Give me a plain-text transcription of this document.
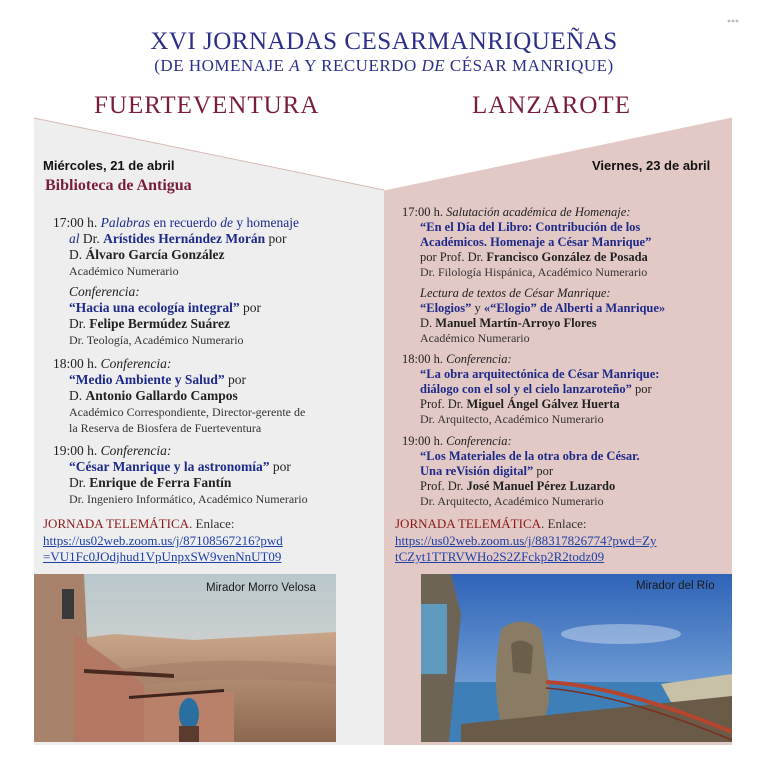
XVI JORNADAS CESARMANRIQUEÑAS
(DE HOMENAJE A Y RECUERDO DE CÉSAR MANRIQUE)
FUERTEVENTURA	LANZAROTE
Miércoles, 21 de abril
Biblioteca de Antigua
17:00 h. Palabras en recuerdo de y homenaje
al Dr. Arístides Hernández Morán por
D. Álvaro García González
Académico Numerario
Conferencia:
“Hacia una ecología integral” por
Dr. Felipe Bermúdez Suárez
Dr. Teología, Académico Numerario
18:00 h. Conferencia:
“Medio Ambiente y Salud” por
D. Antonio Gallardo Campos
Académico Correspondiente, Director-gerente de
la Reserva de Biosfera de Fuerteventura
19:00 h. Conferencia:
“César Manrique y la astronomía” por
Dr. Enrique de Ferra Fantín
Dr. Ingeniero Informático, Académico Numerario
JORNADA TELEMÁTICA. Enlace:
https://us02web.zoom.us/j/87108567216?pwd
=VU1Fc0JOdjhud1VpUnpxSW9venNnUT09
Mirador Morro Velosa
Viernes, 23 de abril
17:00 h. Salutación académica de Homenaje:
“En el Día del Libro: Contribución de los
Académicos. Homenaje a César Manrique”
por Prof. Dr. Francisco González de Posada
Dr. Filología Hispánica, Académico Numerario
Lectura de textos de César Manrique:
“Elogios” y «“Elogio” de Alberti a Manrique»
D. Manuel Martín-Arroyo Flores
Académico Numerario
18:00 h. Conferencia:
“La obra arquitectónica de César Manrique:
diálogo con el sol y el cielo lanzaroteño” por
Prof. Dr. Miguel Ángel Gálvez Huerta
Dr. Arquitecto, Académico Numerario
19:00 h. Conferencia:
“Los Materiales de la otra obra de César.
Una reVisión digital” por
Prof. Dr. José Manuel Pérez Luzardo
Dr. Arquitecto, Académico Numerario
JORNADA TELEMÁTICA. Enlace:
https://us02web.zoom.us/j/88317826774?pwd=Zy
tCZyt1TTRVWHo2S2ZFckp2R2todz09
Mirador del Río
